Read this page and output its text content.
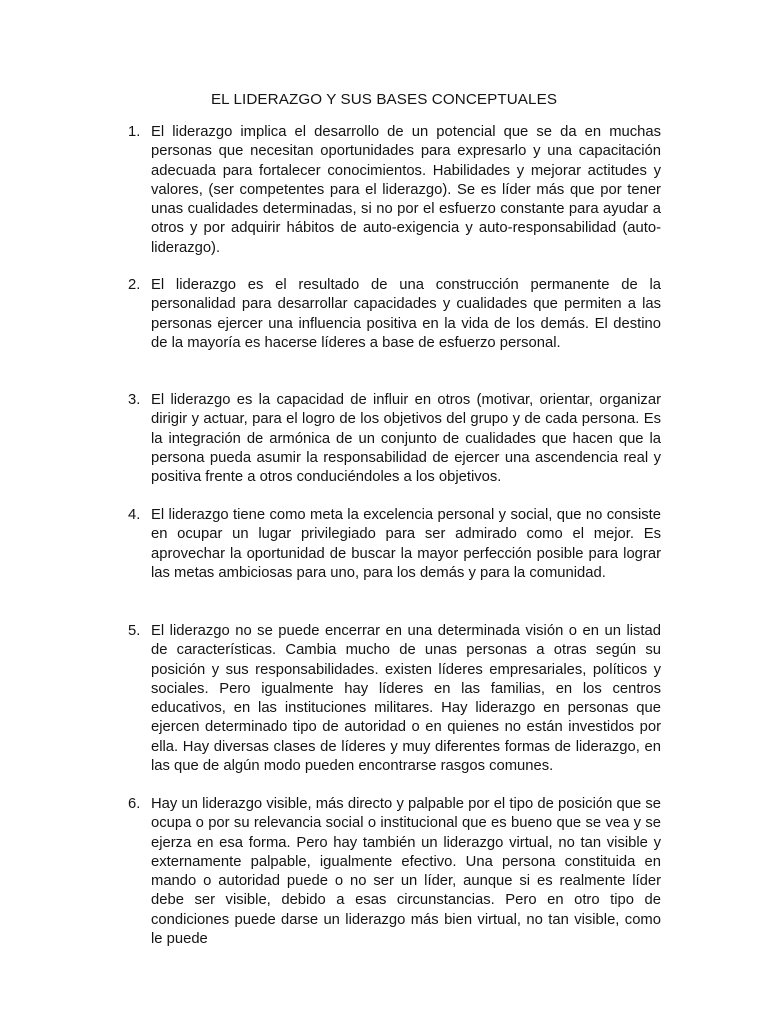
EL LIDERAZGO Y SUS BASES CONCEPTUALES
1. El liderazgo implica el desarrollo de un potencial que se da en muchas personas que necesitan oportunidades para expresarlo y una capacitación adecuada para fortalecer conocimientos. Habilidades y mejorar actitudes y valores, (ser competentes para el liderazgo). Se es líder más que por tener unas cualidades determinadas, si no por el esfuerzo constante para ayudar a otros y por adquirir hábitos de auto-exigencia y auto-responsabilidad (auto-liderazgo).
2. El liderazgo es el resultado de una construcción permanente de la personalidad para desarrollar capacidades y cualidades que permiten a las personas ejercer una influencia positiva en la vida de los demás. El destino de la mayoría es hacerse líderes a base de esfuerzo personal.
3. El liderazgo es la capacidad de influir en otros (motivar, orientar, organizar dirigir y actuar, para el logro de los objetivos del grupo y de cada persona. Es la integración de armónica de un conjunto de cualidades que hacen que la persona pueda asumir la responsabilidad de ejercer una ascendencia real y positiva frente a otros conduciéndoles a los objetivos.
4. El liderazgo tiene como meta la excelencia personal y social, que no consiste en ocupar un lugar privilegiado para ser admirado como el mejor. Es aprovechar la oportunidad de buscar la mayor perfección posible para lograr las metas ambiciosas para uno, para los demás y para la comunidad.
5. El liderazgo no se puede encerrar en una determinada visión o en un listad de características. Cambia mucho de unas personas a otras según su posición y sus responsabilidades. existen líderes empresariales, políticos y sociales. Pero igualmente hay líderes en las familias, en los centros educativos, en las instituciones militares. Hay liderazgo en personas que ejercen determinado tipo de autoridad o en quienes no están investidos por ella. Hay diversas clases de líderes y muy diferentes formas de liderazgo, en las que de algún modo pueden encontrarse rasgos comunes.
6. Hay un liderazgo visible, más directo y palpable por el tipo de posición que se ocupa o por su relevancia social o institucional que es bueno que se vea y se ejerza en esa forma. Pero hay también un liderazgo virtual, no tan visible y externamente palpable, igualmente efectivo. Una persona constituida en mando o autoridad puede o no ser un líder, aunque si es realmente líder debe ser visible, debido a esas circunstancias. Pero en otro tipo de condiciones puede darse un liderazgo más bien virtual, no tan visible, como le puede
